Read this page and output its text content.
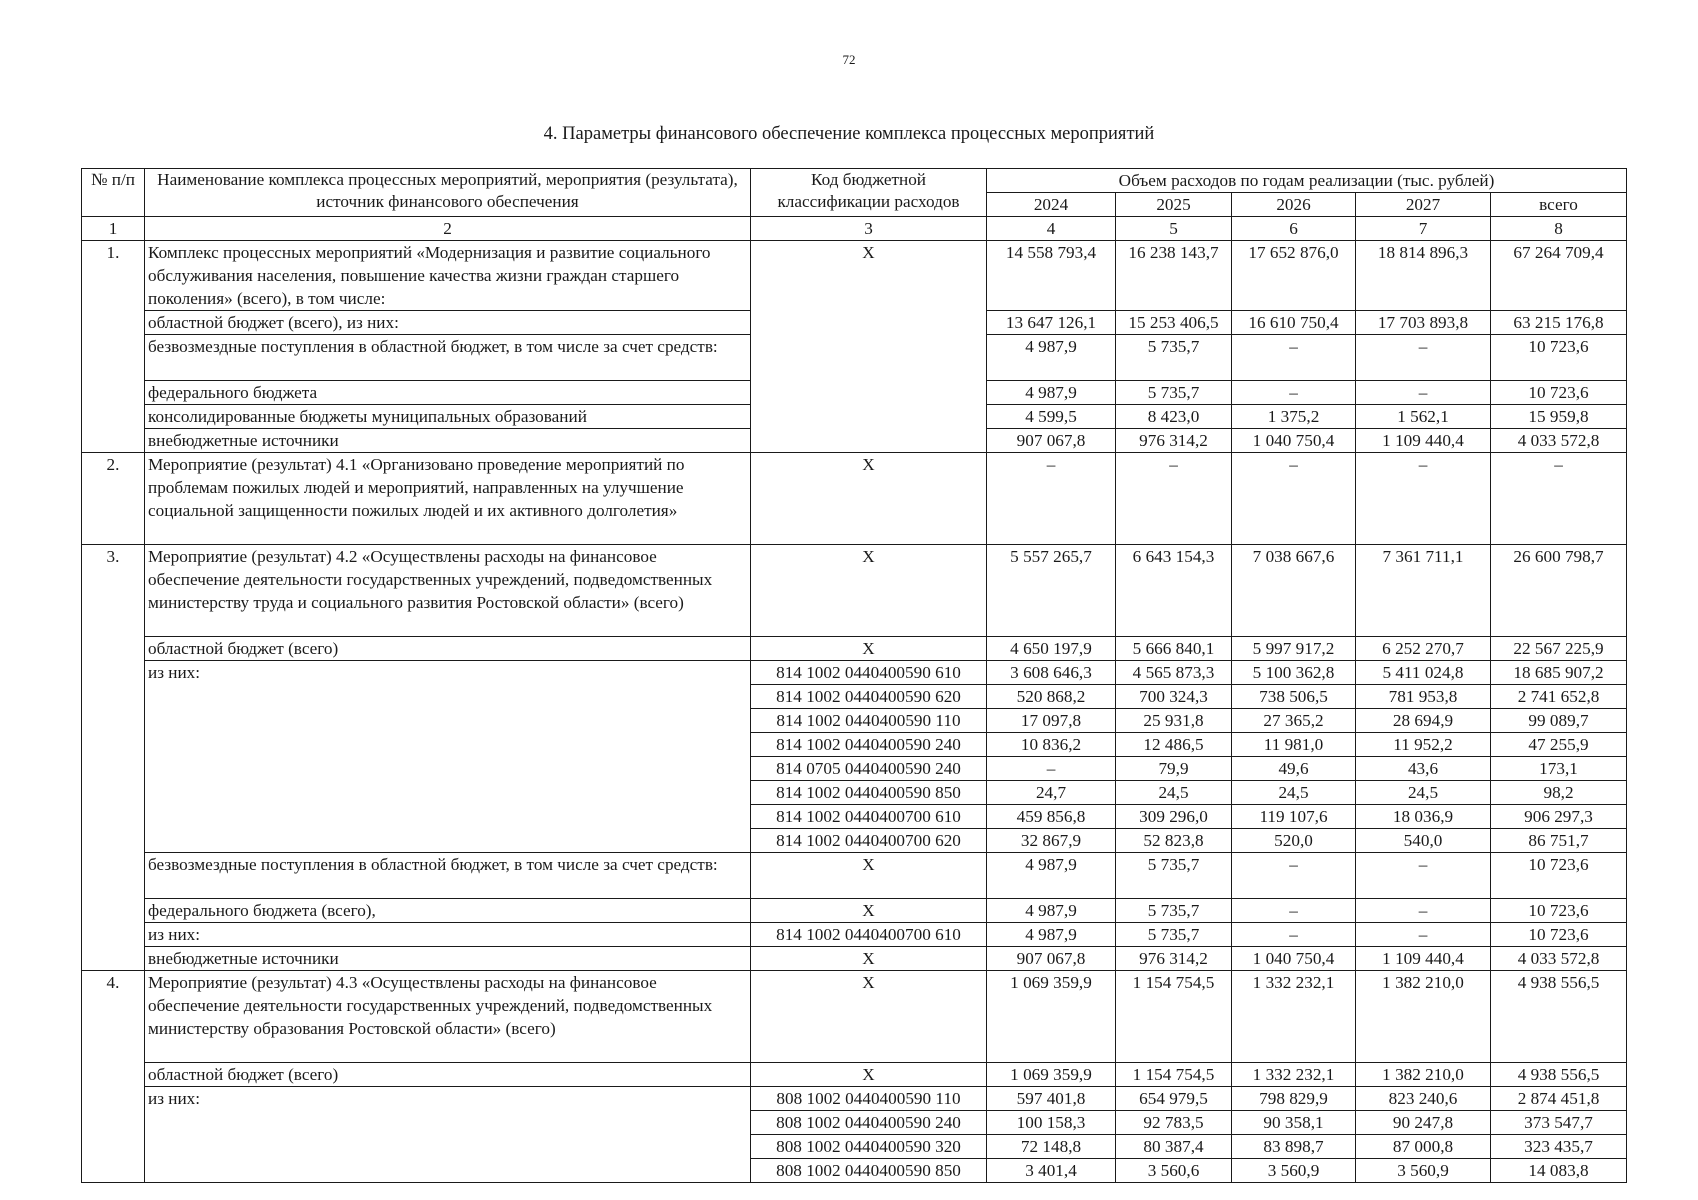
72
4. Параметры финансового обеспечение комплекса процессных мероприятий
№ п/п	Наименование комплекса процессных мероприятий, мероприятия (результата), источник финансового обеспечения	Код бюджетной классификации расходов	Объем расходов по годам реализации (тыс. рублей)				
			2024	2025	2026	2027	всего
1	2	3	4	5	6	7	8
1.	Комплекс процессных мероприятий «Модернизация и развитие социального обслуживания населения, повышение качества жизни граждан старшего поколения» (всего), в том числе:	X	14 558 793,4	16 238 143,7	17 652 876,0	18 814 896,3	67 264 709,4
	областной бюджет (всего), из них:		13 647 126,1	15 253 406,5	16 610 750,4	17 703 893,8	63 215 176,8
	безвозмездные поступления в областной бюджет, в том числе за счет средств:		4 987,9	5 735,7	–	–	10 723,6
	федерального бюджета		4 987,9	5 735,7	–	–	10 723,6
	консолидированные бюджеты муниципальных образований		4 599,5	8 423,0	1 375,2	1 562,1	15 959,8
	внебюджетные источники		907 067,8	976 314,2	1 040 750,4	1 109 440,4	4 033 572,8
2.	Мероприятие (результат) 4.1 «Организовано проведение мероприятий по проблемам пожилых людей и мероприятий, направленных на улучшение социальной защищенности пожилых людей и их активного долголетия»	X	–	–	–	–	–
3.	Мероприятие (результат) 4.2 «Осуществлены расходы на финансовое обеспечение деятельности государственных учреждений, подведомственных министерству труда и социального развития Ростовской области» (всего)	X	5 557 265,7	6 643 154,3	7 038 667,6	7 361 711,1	26 600 798,7
	областной бюджет (всего)	X	4 650 197,9	5 666 840,1	5 997 917,2	6 252 270,7	22 567 225,9
	из них:	814 1002 0440400590 610	3 608 646,3	4 565 873,3	5 100 362,8	5 411 024,8	18 685 907,2
		814 1002 0440400590 620	520 868,2	700 324,3	738 506,5	781 953,8	2 741 652,8
		814 1002 0440400590 110	17 097,8	25 931,8	27 365,2	28 694,9	99 089,7
		814 1002 0440400590 240	10 836,2	12 486,5	11 981,0	11 952,2	47 255,9
		814 0705 0440400590 240	–	79,9	49,6	43,6	173,1
		814 1002 0440400590 850	24,7	24,5	24,5	24,5	98,2
		814 1002 0440400700 610	459 856,8	309 296,0	119 107,6	18 036,9	906 297,3
		814 1002 0440400700 620	32 867,9	52 823,8	520,0	540,0	86 751,7
	безвозмездные поступления в областной бюджет, в том числе за счет средств:	X	4 987,9	5 735,7	–	–	10 723,6
	федерального бюджета (всего),	X	4 987,9	5 735,7	–	–	10 723,6
	из них:	814 1002 0440400700 610	4 987,9	5 735,7	–	–	10 723,6
	внебюджетные источники	X	907 067,8	976 314,2	1 040 750,4	1 109 440,4	4 033 572,8
4.	Мероприятие (результат) 4.3 «Осуществлены расходы на финансовое обеспечение деятельности государственных учреждений, подведомственных министерству образования Ростовской области» (всего)	X	1 069 359,9	1 154 754,5	1 332 232,1	1 382 210,0	4 938 556,5
	областной бюджет (всего)	X	1 069 359,9	1 154 754,5	1 332 232,1	1 382 210,0	4 938 556,5
	из них:	808 1002 0440400590 110	597 401,8	654 979,5	798 829,9	823 240,6	2 874 451,8
		808 1002 0440400590 240	100 158,3	92 783,5	90 358,1	90 247,8	373 547,7
		808 1002 0440400590 320	72 148,8	80 387,4	83 898,7	87 000,8	323 435,7
		808 1002 0440400590 850	3 401,4	3 560,6	3 560,9	3 560,9	14 083,8
